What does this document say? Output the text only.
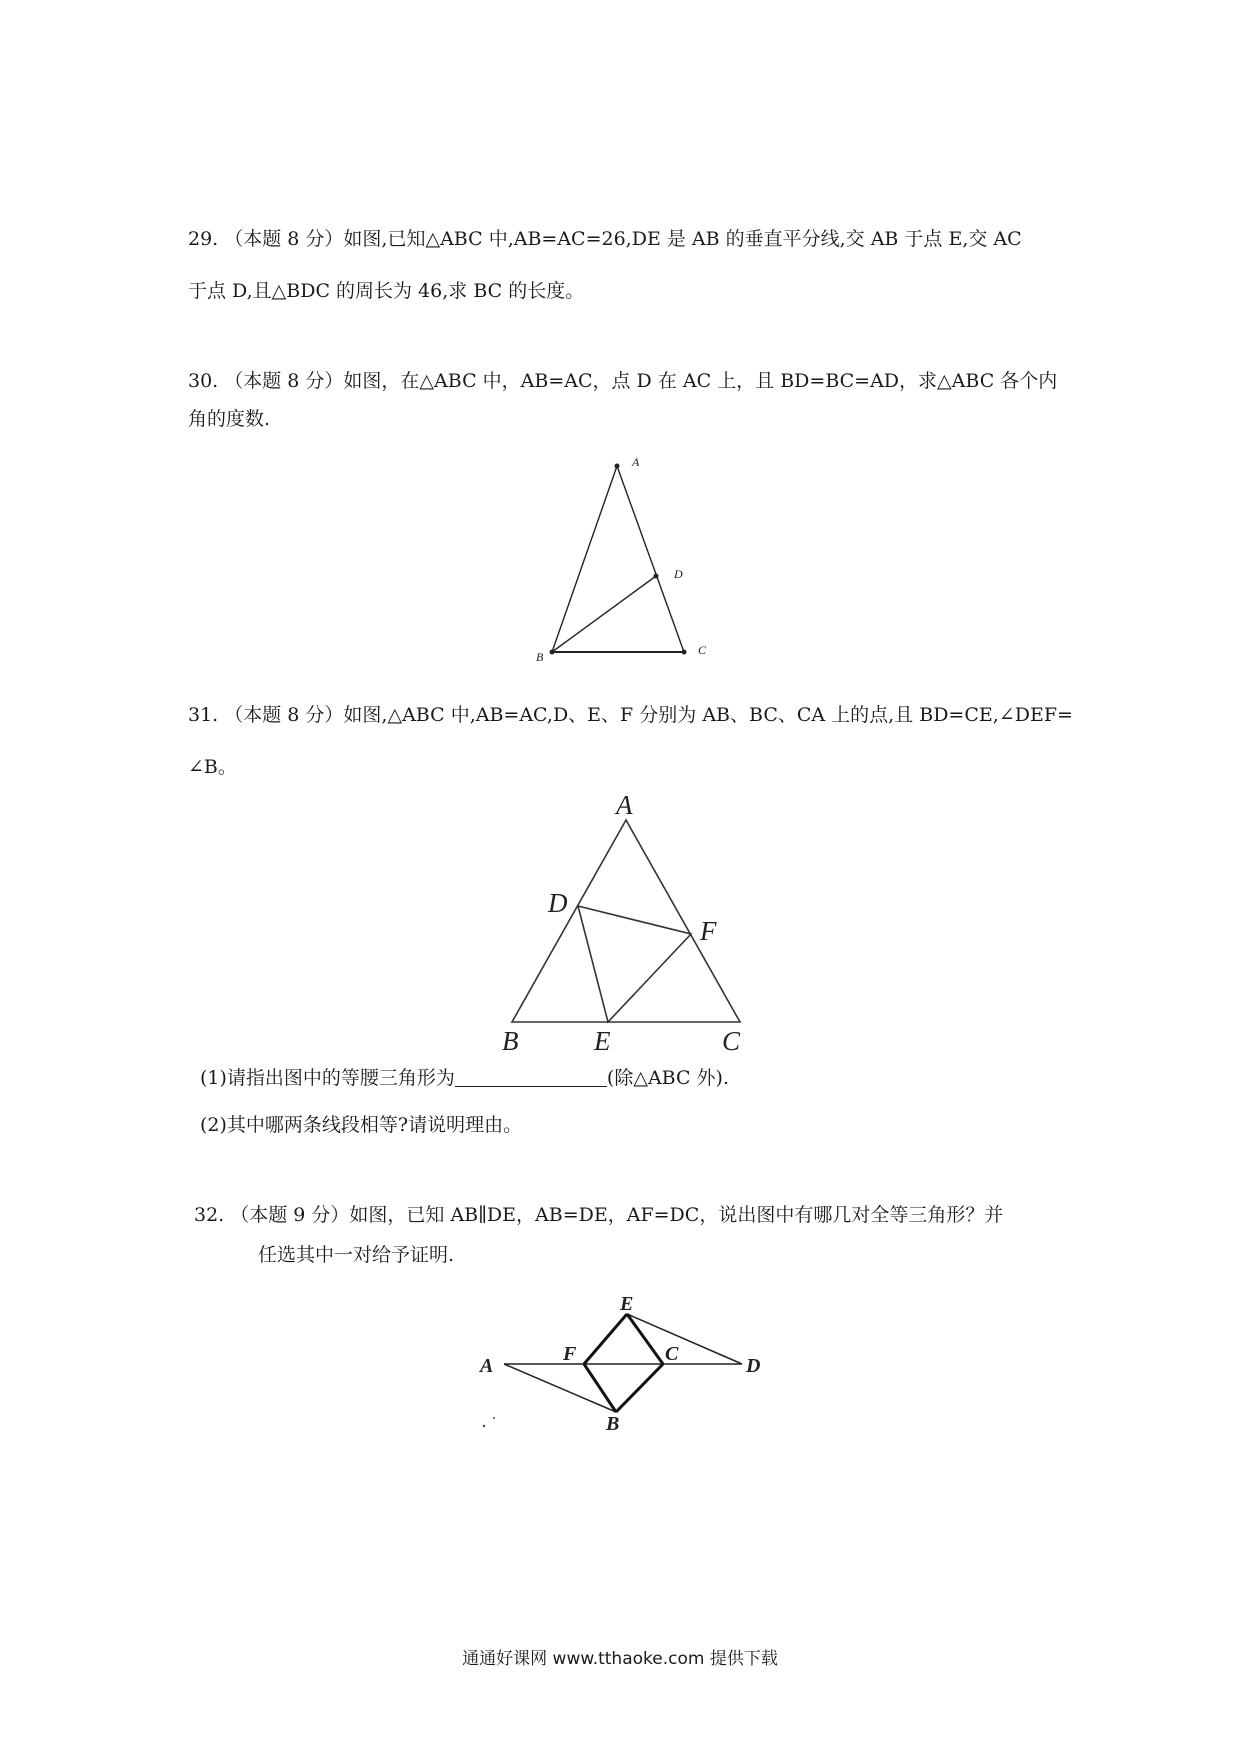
29. （本题 8 分）如图,已知△ABC 中,AB=AC=26,DE 是 AB 的垂直平分线,交 AB 于点 E,交 AC
于点 D,且△BDC 的周长为 46,求 BC 的长度。
30. （本题 8 分）如图，在△ABC 中，AB=AC，点 D 在 AC 上，且 BD=BC=AD，求△ABC 各个内
角的度数.
A
B	C
D
31. （本题 8 分）如图,△ABC 中,AB=AC,D、E、F 分别为 AB、BC、CA 上的点,且 BD=CE,∠DEF=
∠B。
A
B	C
D
E
F
(1)请指出图中的等腰三角形为	(除△ABC 外).
(2)其中哪两条线段相等?请说明理由。
32. （本题 9 分）如图，已知 AB∥DE，AB=DE，AF=DC，说出图中有哪几对全等三角形？并
任选其中一对给予证明.
A
B
C
D
E
F
通通好课网 www.tthaoke.com 提供下载
